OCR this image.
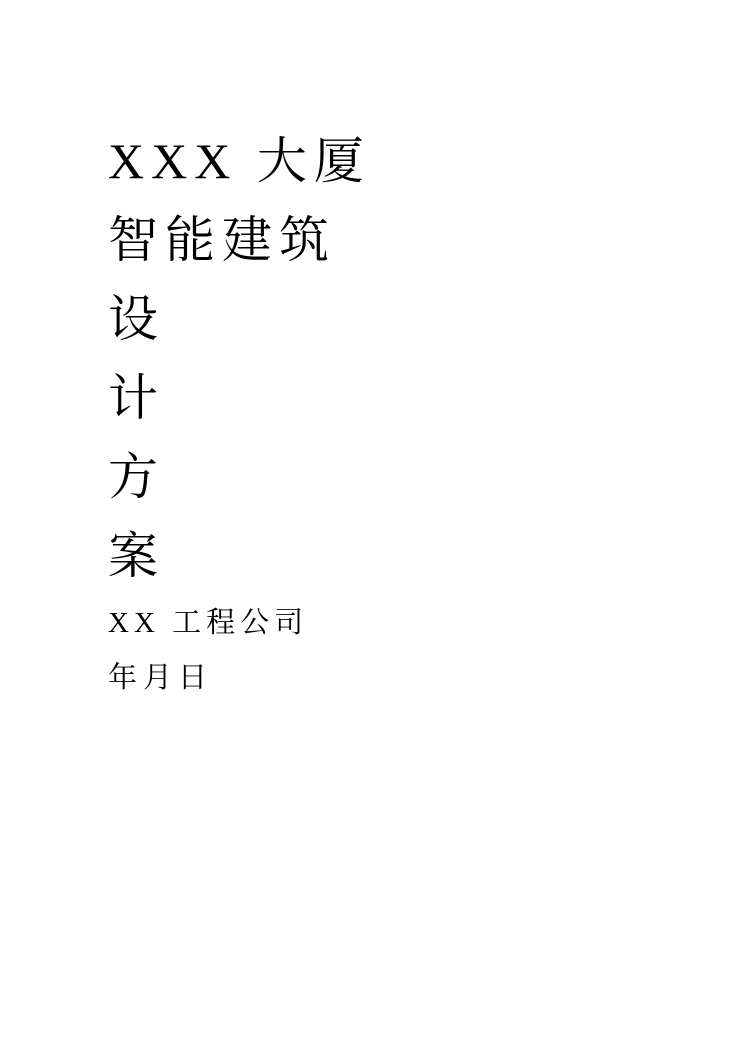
XXX 大厦
智能建筑
设
计
方
案
XX 工程公司
年月日
